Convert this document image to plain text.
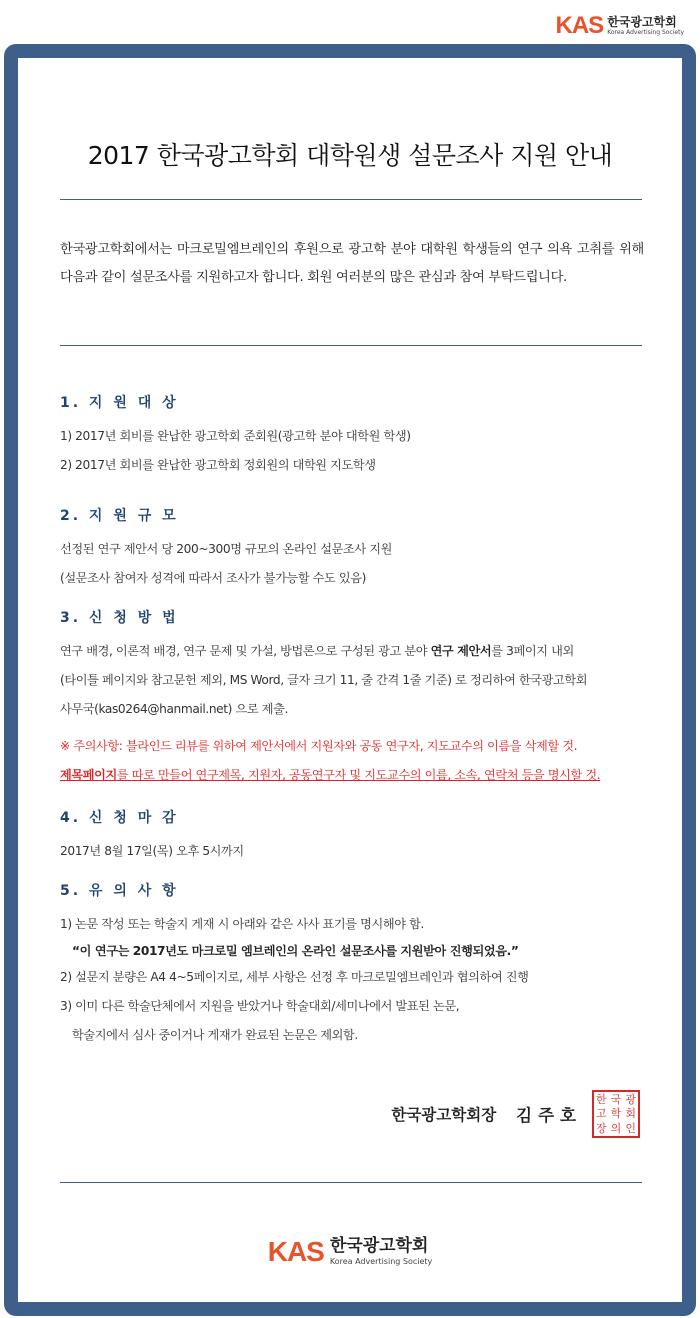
KAS 한국광고학회
Korea Advertising Society
2017 한국광고학회 대학원생 설문조사 지원 안내
한국광고학회에서는 마크로밀엠브레인의 후원으로 광고학 분야 대학원 학생들의 연구 의욕 고취를 위해 다음과 같이 설문조사를 지원하고자 합니다. 회원 여러분의 많은 관심과 참여 부탁드립니다.
1. 지 원 대 상
1) 2017년 회비를 완납한 광고학회 준회원(광고학 분야 대학원 학생)
2) 2017년 회비를 완납한 광고학회 정회원의 대학원 지도학생
2. 지 원 규 모
선정된 연구 제안서 당 200~300명 규모의 온라인 설문조사 지원
(설문조사 참여자 성격에 따라서 조사가 불가능할 수도 있음)
3. 신 청 방 법
연구 배경, 이론적 배경, 연구 문제 및 가설, 방법론으로 구성된 광고 분야 연구 제안서를 3페이지 내외
(타이틀 페이지와 참고문헌 제외, MS Word, 글자 크기 11, 줄 간격 1줄 기준) 로 정리하여 한국광고학회
사무국(kas0264@hanmail.net) 으로 제출.
※ 주의사항: 블라인드 리뷰를 위하여 제안서에서 지원자와 공동 연구자, 지도교수의 이름을 삭제할 것.
제목페이지를 따로 만들어 연구제목, 지원자, 공동연구자 및 지도교수의 이름, 소속, 연락처 등을 명시할 것.
4. 신 청 마 감
2017년 8월 17일(목) 오후 5시까지
5. 유 의 사 항
1) 논문 작성 또는 학술지 게재 시 아래와 같은 사사 표기를 명시해야 함.
“이 연구는 2017년도 마크로밀 엠브레인의 온라인 설문조사를 지원받아 진행되었음.”
2) 설문지 분량은 A4 4~5페이지로, 세부 사항은 선정 후 마크로밀엠브레인과 협의하여 진행
3) 이미 다른 학술단체에서 지원을 받았거나 학술대회/세미나에서 발표된 논문,
학술지에서 심사 중이거나 게재가 완료된 논문은 제외함.
한국광고학회장 김주호
한 국 광
고 학 회
장 의 인
KAS 한국광고학회
Korea Advertising Society
